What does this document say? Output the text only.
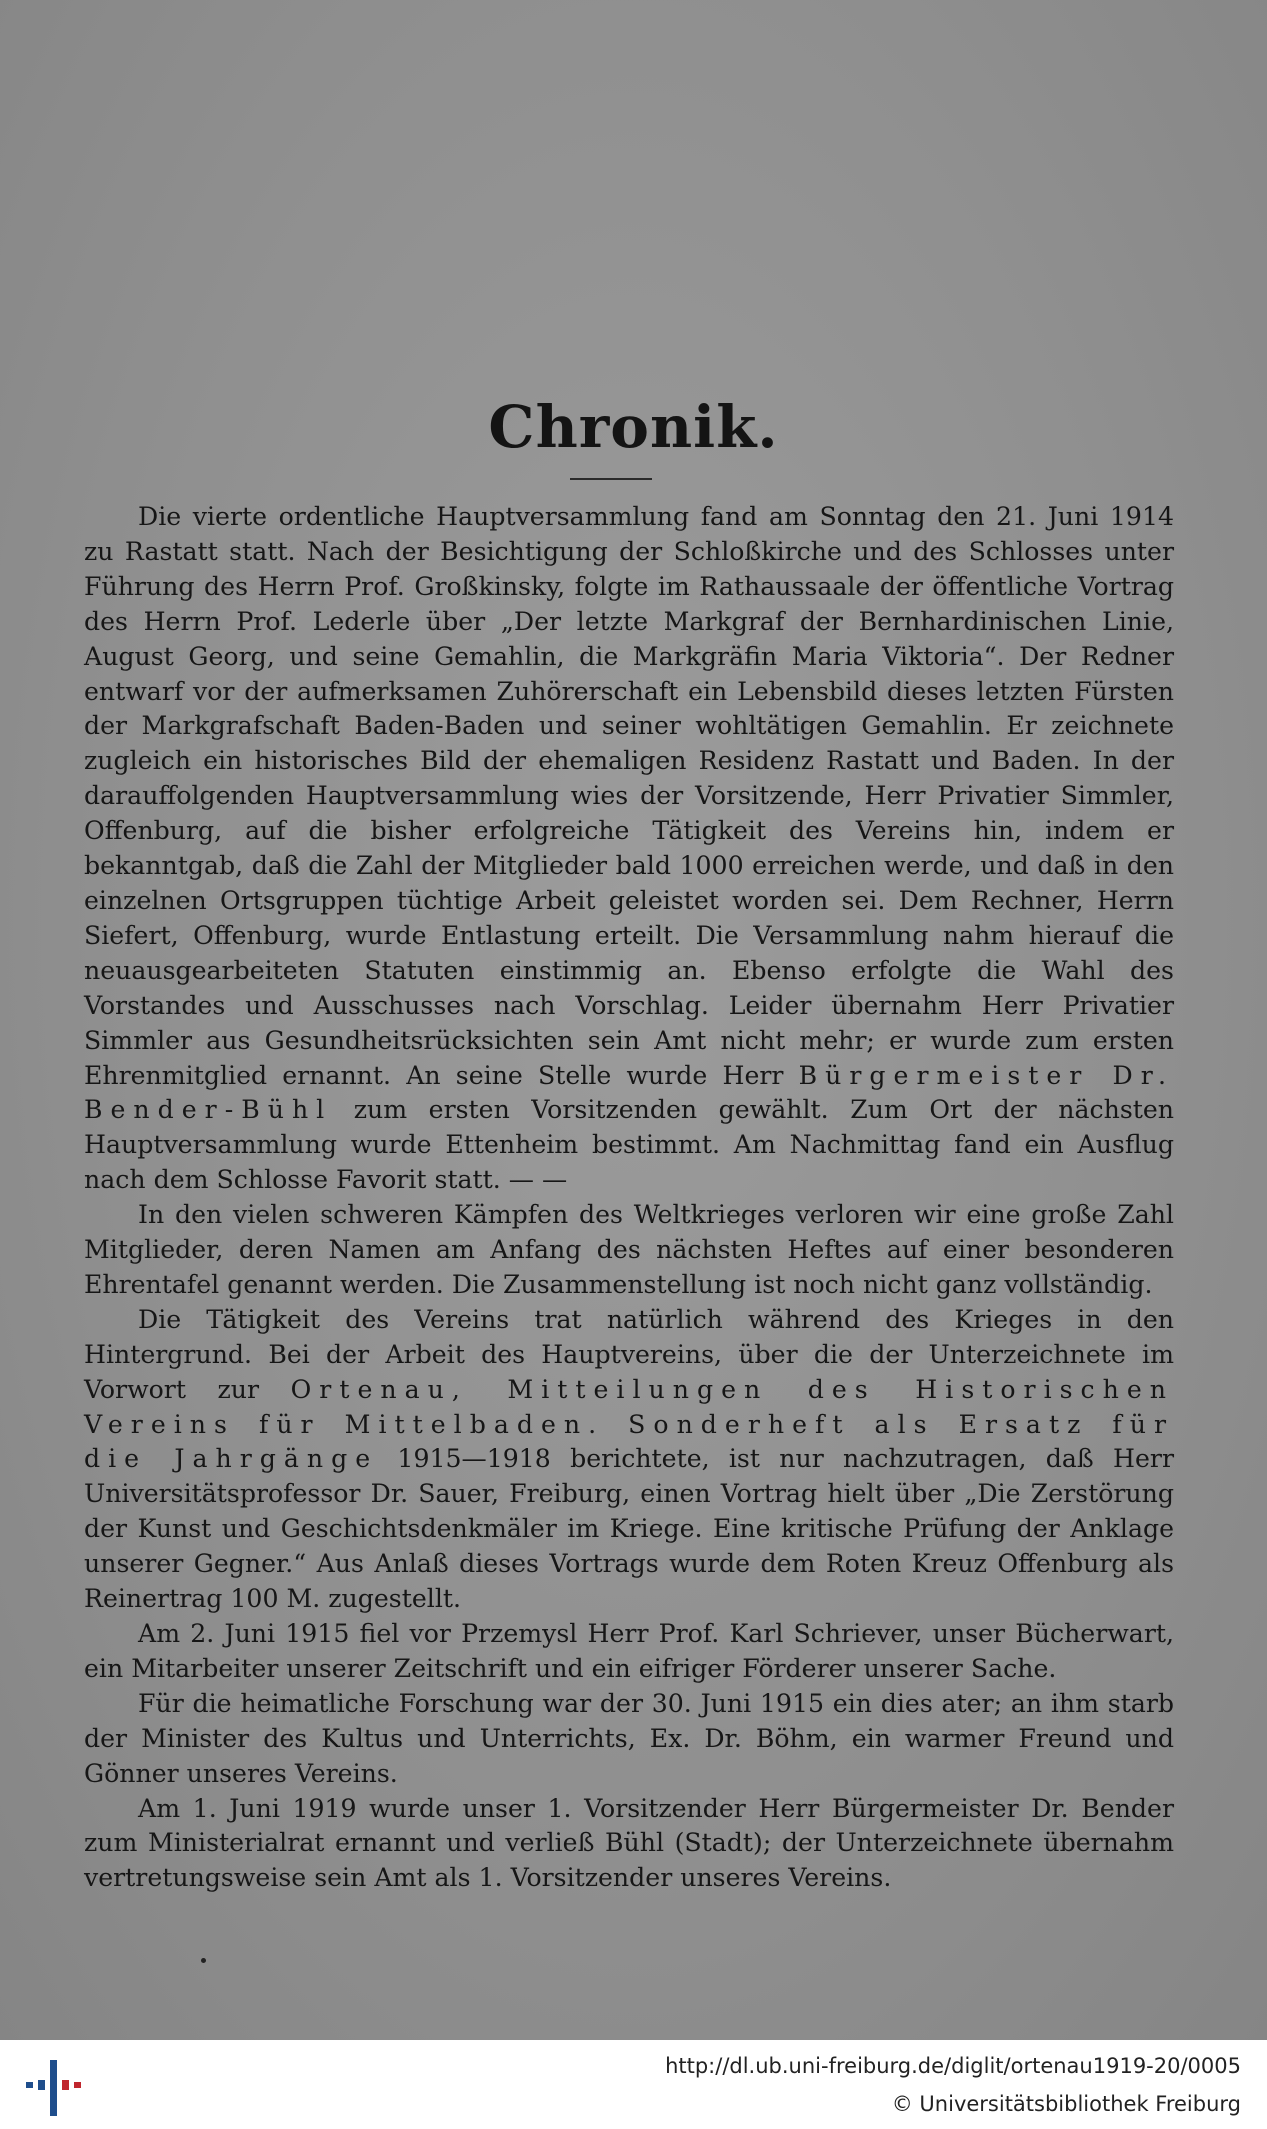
Chronik.

Die vierte ordentliche Hauptversammlung fand am Sonntag den 21. Juni 1914 zu Rastatt statt. Nach der Besichtigung der Schloßkirche und des Schlosses unter Führung des Herrn Prof. Großkinsky, folgte im Rathaussaale der öffentliche Vortrag des Herrn Prof. Lederle über „Der letzte Markgraf der Bernhardinischen Linie, August Georg, und seine Gemahlin, die Markgräfin Maria Viktoria“. Der Redner entwarf vor der aufmerksamen Zuhörerschaft ein Lebensbild dieses letzten Fürsten der Markgrafschaft Baden-Baden und seiner wohltätigen Gemahlin. Er zeichnete zugleich ein historisches Bild der ehemaligen Residenz Rastatt und Baden. In der darauffolgenden Hauptversammlung wies der Vorsitzende, Herr Privatier Simmler, Offenburg, auf die bisher erfolgreiche Tätigkeit des Vereins hin, indem er bekanntgab, daß die Zahl der Mitglieder bald 1000 erreichen werde, und daß in den einzelnen Ortsgruppen tüchtige Arbeit geleistet worden sei. Dem Rechner, Herrn Siefert, Offenburg, wurde Entlastung erteilt. Die Versammlung nahm hierauf die neuausgearbeiteten Statuten einstimmig an. Ebenso erfolgte die Wahl des Vorstandes und Ausschusses nach Vorschlag. Leider übernahm Herr Privatier Simmler aus Gesundheitsrücksichten sein Amt nicht mehr; er wurde zum ersten Ehrenmitglied ernannt. An seine Stelle wurde Herr Bürgermeister Dr. Bender-Bühl zum ersten Vorsitzenden gewählt. Zum Ort der nächsten Hauptversammlung wurde Ettenheim bestimmt. Am Nachmittag fand ein Ausflug nach dem Schlosse Favorit statt. — —

In den vielen schweren Kämpfen des Weltkrieges verloren wir eine große Zahl Mitglieder, deren Namen am Anfang des nächsten Heftes auf einer besonderen Ehrentafel genannt werden. Die Zusammenstellung ist noch nicht ganz vollständig.

Die Tätigkeit des Vereins trat natürlich während des Krieges in den Hintergrund. Bei der Arbeit des Hauptvereins, über die der Unterzeichnete im Vorwort zur Ortenau, Mitteilungen des Historischen Vereins für Mittelbaden. Sonderheft als Ersatz für die Jahrgänge 1915—1918 berichtete, ist nur nachzutragen, daß Herr Universitätsprofessor Dr. Sauer, Freiburg, einen Vortrag hielt über „Die Zerstörung der Kunst und Geschichtsdenkmäler im Kriege. Eine kritische Prüfung der Anklage unserer Gegner.“ Aus Anlaß dieses Vortrags wurde dem Roten Kreuz Offenburg als Reinertrag 100 M. zugestellt.

Am 2. Juni 1915 fiel vor Przemysl Herr Prof. Karl Schriever, unser Bücherwart, ein Mitarbeiter unserer Zeitschrift und ein eifriger Förderer unserer Sache.

Für die heimatliche Forschung war der 30. Juni 1915 ein dies ater; an ihm starb der Minister des Kultus und Unterrichts, Ex. Dr. Böhm, ein warmer Freund und Gönner unseres Vereins.

Am 1. Juni 1919 wurde unser 1. Vorsitzender Herr Bürgermeister Dr. Bender zum Ministerialrat ernannt und verließ Bühl (Stadt); der Unterzeichnete übernahm vertretungsweise sein Amt als 1. Vorsitzender unseres Vereins.

http://dl.ub.uni-freiburg.de/diglit/ortenau1919-20/0005
© Universitätsbibliothek Freiburg
